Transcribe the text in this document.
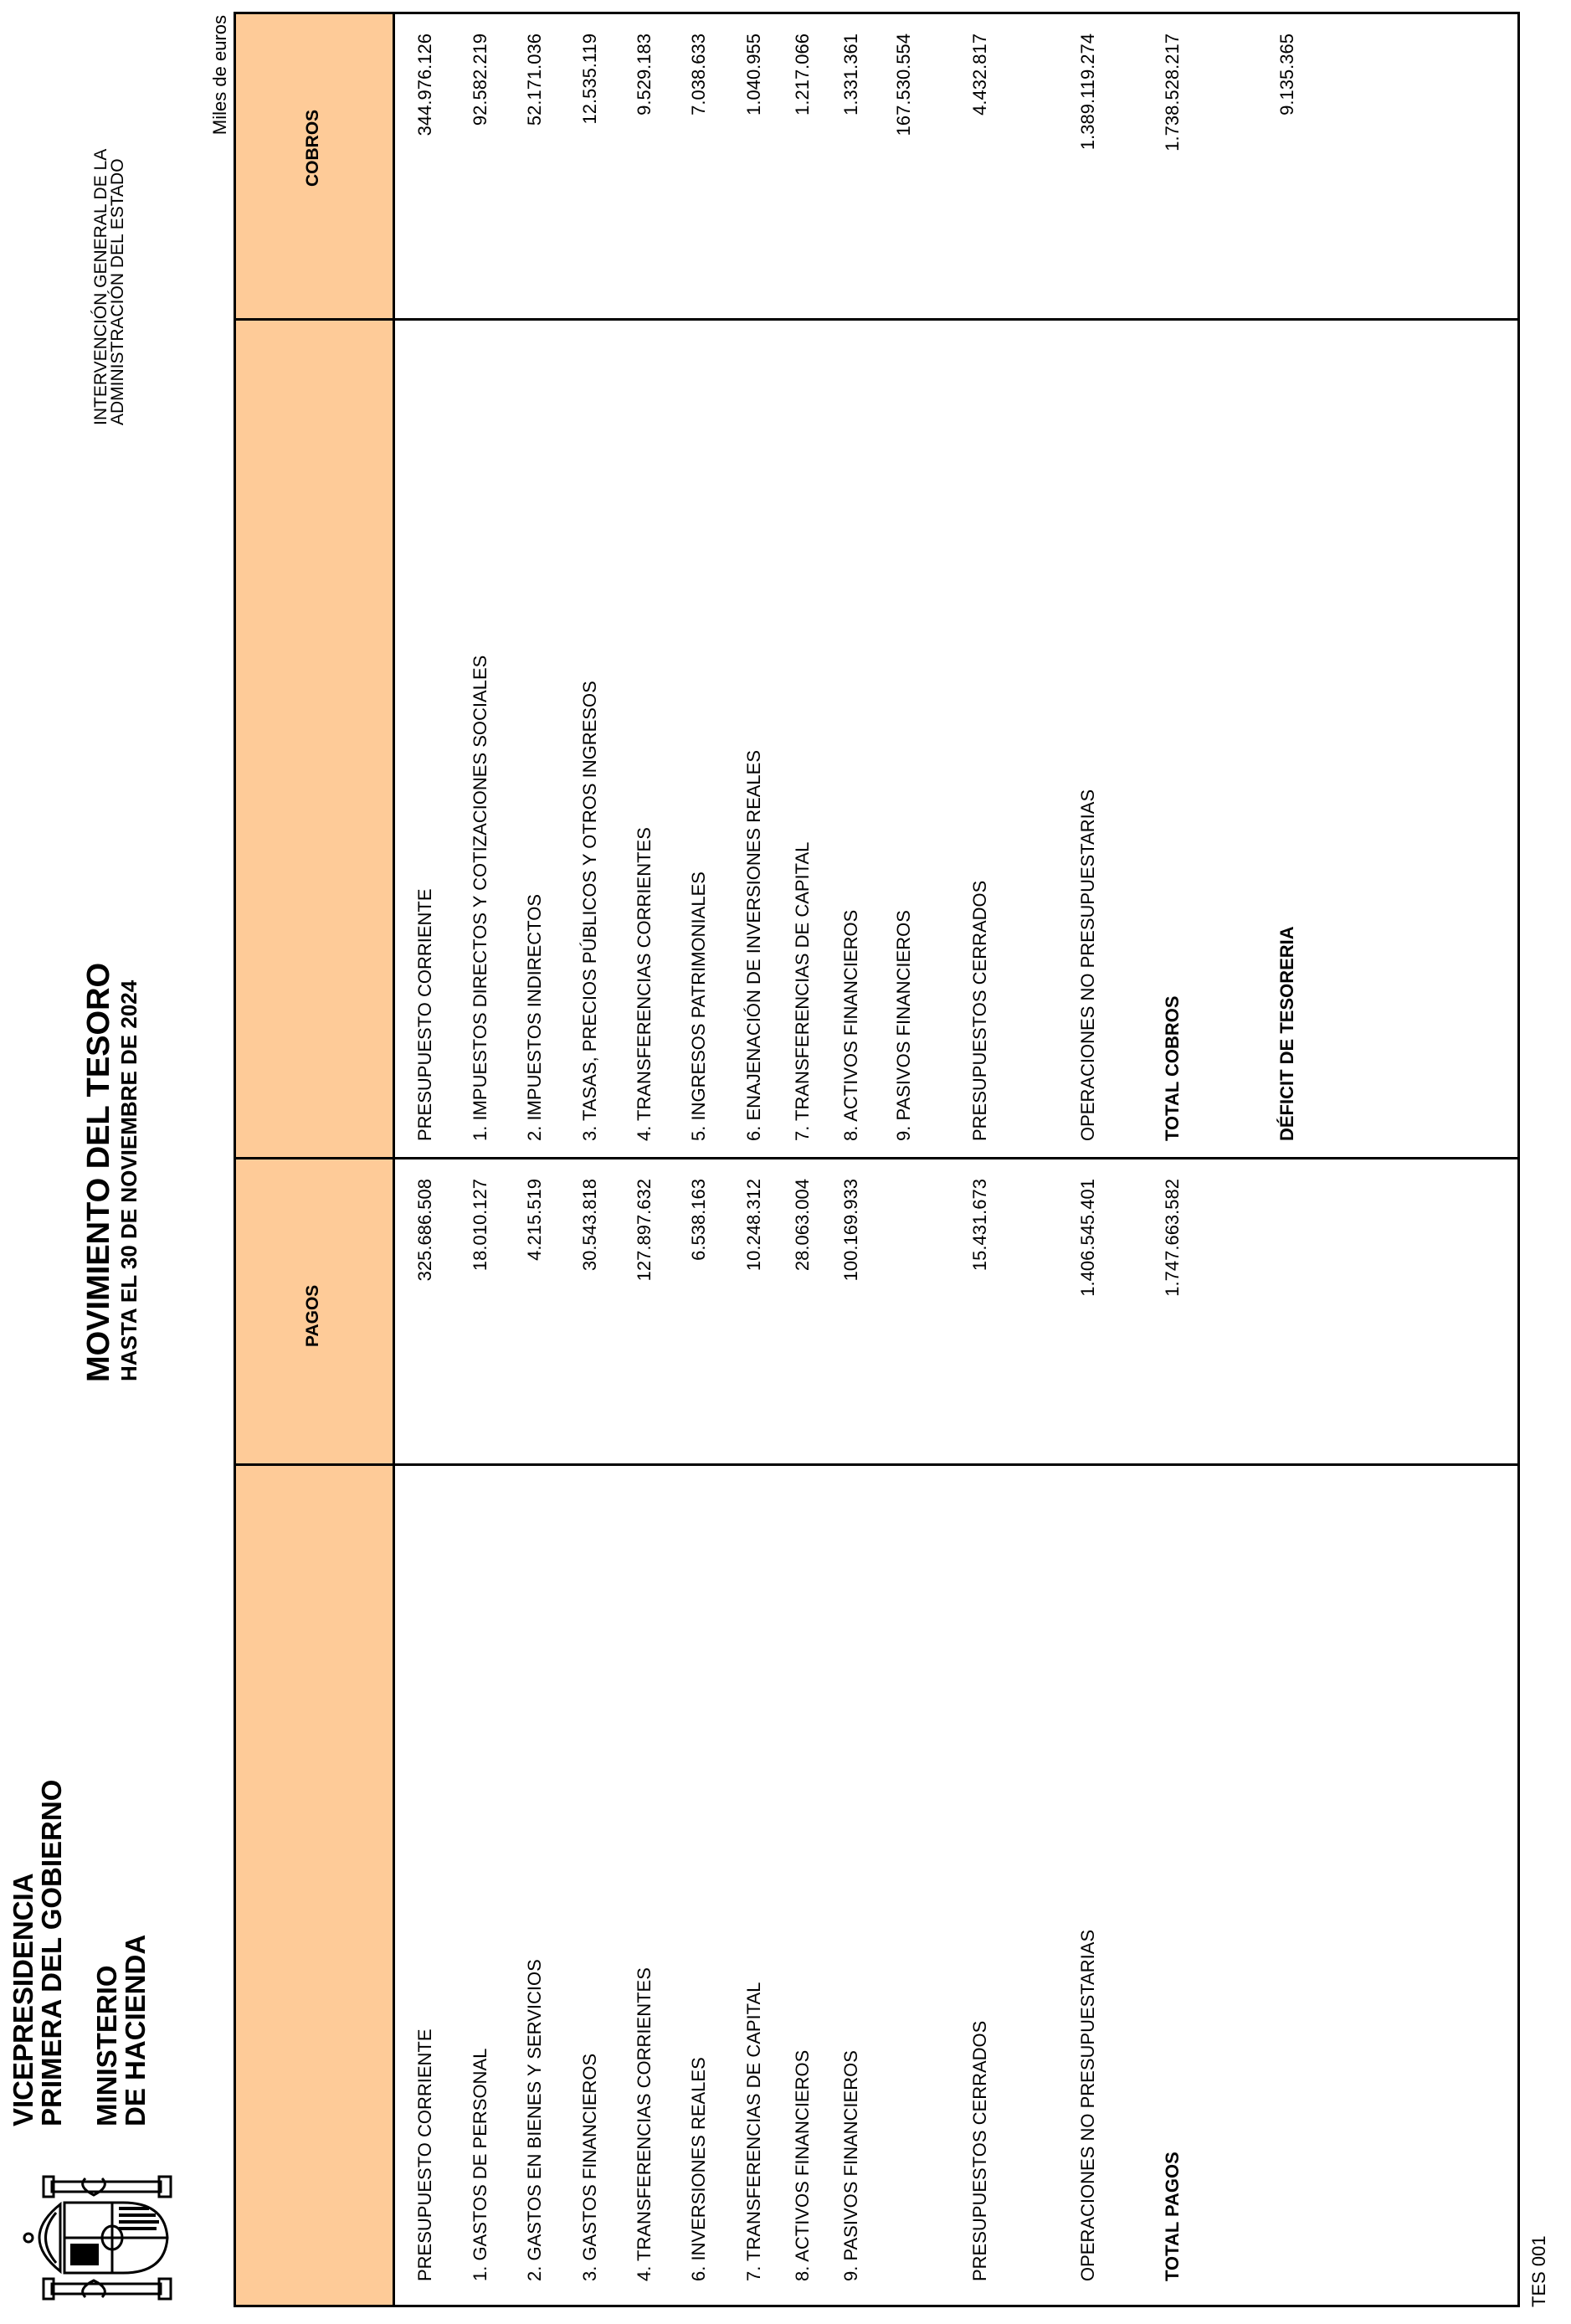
VICEPRESIDENCIA
PRIMERA DEL GOBIERNO MINISTERIO
DE HACIENDA
MOVIMIENTO DEL TESORO HASTA EL 30 DE NOVIEMBRE DE 2024
INTERVENCIÓN GENERAL DE LA
ADMINISTRACIÓN DEL ESTADO
Miles de euros
COBROS
PRESUPUESTO CORRIENTE
325.686.508
1. GASTOS DE PERSONAL
18.010.127
2. GASTOS EN BIENES Y SERVICIOS
4.215.519
3. GASTOS FINANCIEROS
30.543.818
4. TRANSFERENCIAS CORRIENTES
127.897.632
6. INVERSIONES REALES
6.538.163
7. TRANSFERENCIAS DE CAPITAL
10.248.312
8. ACTIVOS FINANCIEROS
28.063.004
9. PASIVOS FINANCIEROS
100.169.933
PRESUPUESTOS CERRADOS
15.431.673
OPERACIONES NO PRESUPUESTARIAS
1.406.545.401
TOTAL PAGOS
1.747.663.582
PRESUPUESTO CORRIENTE
344.976.126
1. IMPUESTOS DIRECTOS Y COTIZACIONES SOCIALES
92.582.219
2. IMPUESTOS INDIRECTOS
52.171.036
3. TASAS, PRECIOS PÚBLICOS Y OTROS INGRESOS
12.535.119
4. TRANSFERENCIAS CORRIENTES
9.529.183
5. INGRESOS PATRIMONIALES
7.038.633
6. ENAJENACIÓN DE INVERSIONES REALES
1.040.955
7. TRANSFERENCIAS DE CAPITAL
1.217.066
8. ACTIVOS FINANCIEROS
1.331.361
9. PASIVOS FINANCIEROS
167.530.554
PRESUPUESTOS CERRADOS
4.432.817
OPERACIONES NO PRESUPUESTARIAS
1.389.119.274
TOTAL COBROS
1.738.528.217
DÉFICIT DE TESORERIA
9.135.365
TES 001
